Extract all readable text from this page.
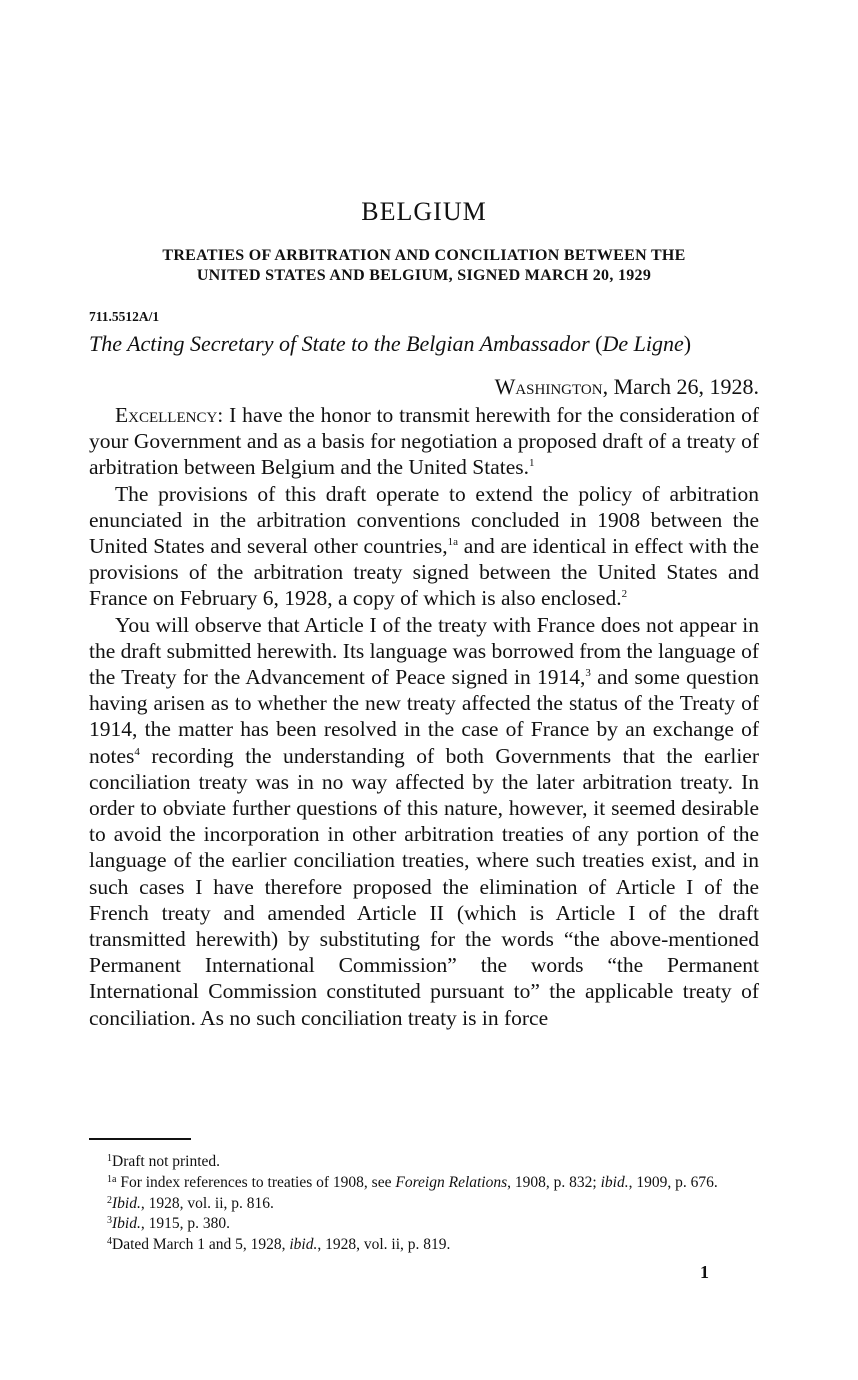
BELGIUM
TREATIES OF ARBITRATION AND CONCILIATION BETWEEN THE
UNITED STATES AND BELGIUM, SIGNED MARCH 20, 1929
711.5512A/1
The Acting Secretary of State to the Belgian Ambassador (De Ligne)
Washington, March 26, 1928.

Excellency: I have the honor to transmit herewith for the consideration of your Government and as a basis for negotiation a proposed draft of a treaty of arbitration between Belgium and the United States.$^1$

The provisions of this draft operate to extend the policy of arbitration enunciated in the arbitration conventions concluded in 1908 between the United States and several other countries,$^{1a}$ and are identical in effect with the provisions of the arbitration treaty signed between the United States and France on February 6, 1928, a copy of which is also enclosed.$^2$

You will observe that Article I of the treaty with France does not appear in the draft submitted herewith. Its language was borrowed from the language of the Treaty for the Advancement of Peace signed in 1914,$^3$ and some question having arisen as to whether the new treaty affected the status of the Treaty of 1914, the matter has been resolved in the case of France by an exchange of notes$^4$ recording the understanding of both Governments that the earlier conciliation treaty was in no way affected by the later arbitration treaty. In order to obviate further questions of this nature, however, it seemed desirable to avoid the incorporation in other arbitration treaties of any portion of the language of the earlier conciliation treaties, where such treaties exist, and in such cases I have therefore proposed the elimination of Article I of the French treaty and amended Article II (which is Article I of the draft transmitted herewith) by substituting for the words “the above-mentioned Permanent International Commission” the words “the Permanent International Commission constituted pursuant to” the applicable treaty of conciliation. As no such conciliation treaty is in force

$^1$Draft not printed.

$^{1a}$ For index references to treaties of 1908, see Foreign Relations, 1908, p. 832; ibid., 1909, p. 676.

$^2$Ibid., 1928, vol. ii, p. 816.

$^3$Ibid., 1915, p. 380.

$^4$Dated March 1 and 5, 1928, ibid., 1928, vol. ii, p. 819.

1
